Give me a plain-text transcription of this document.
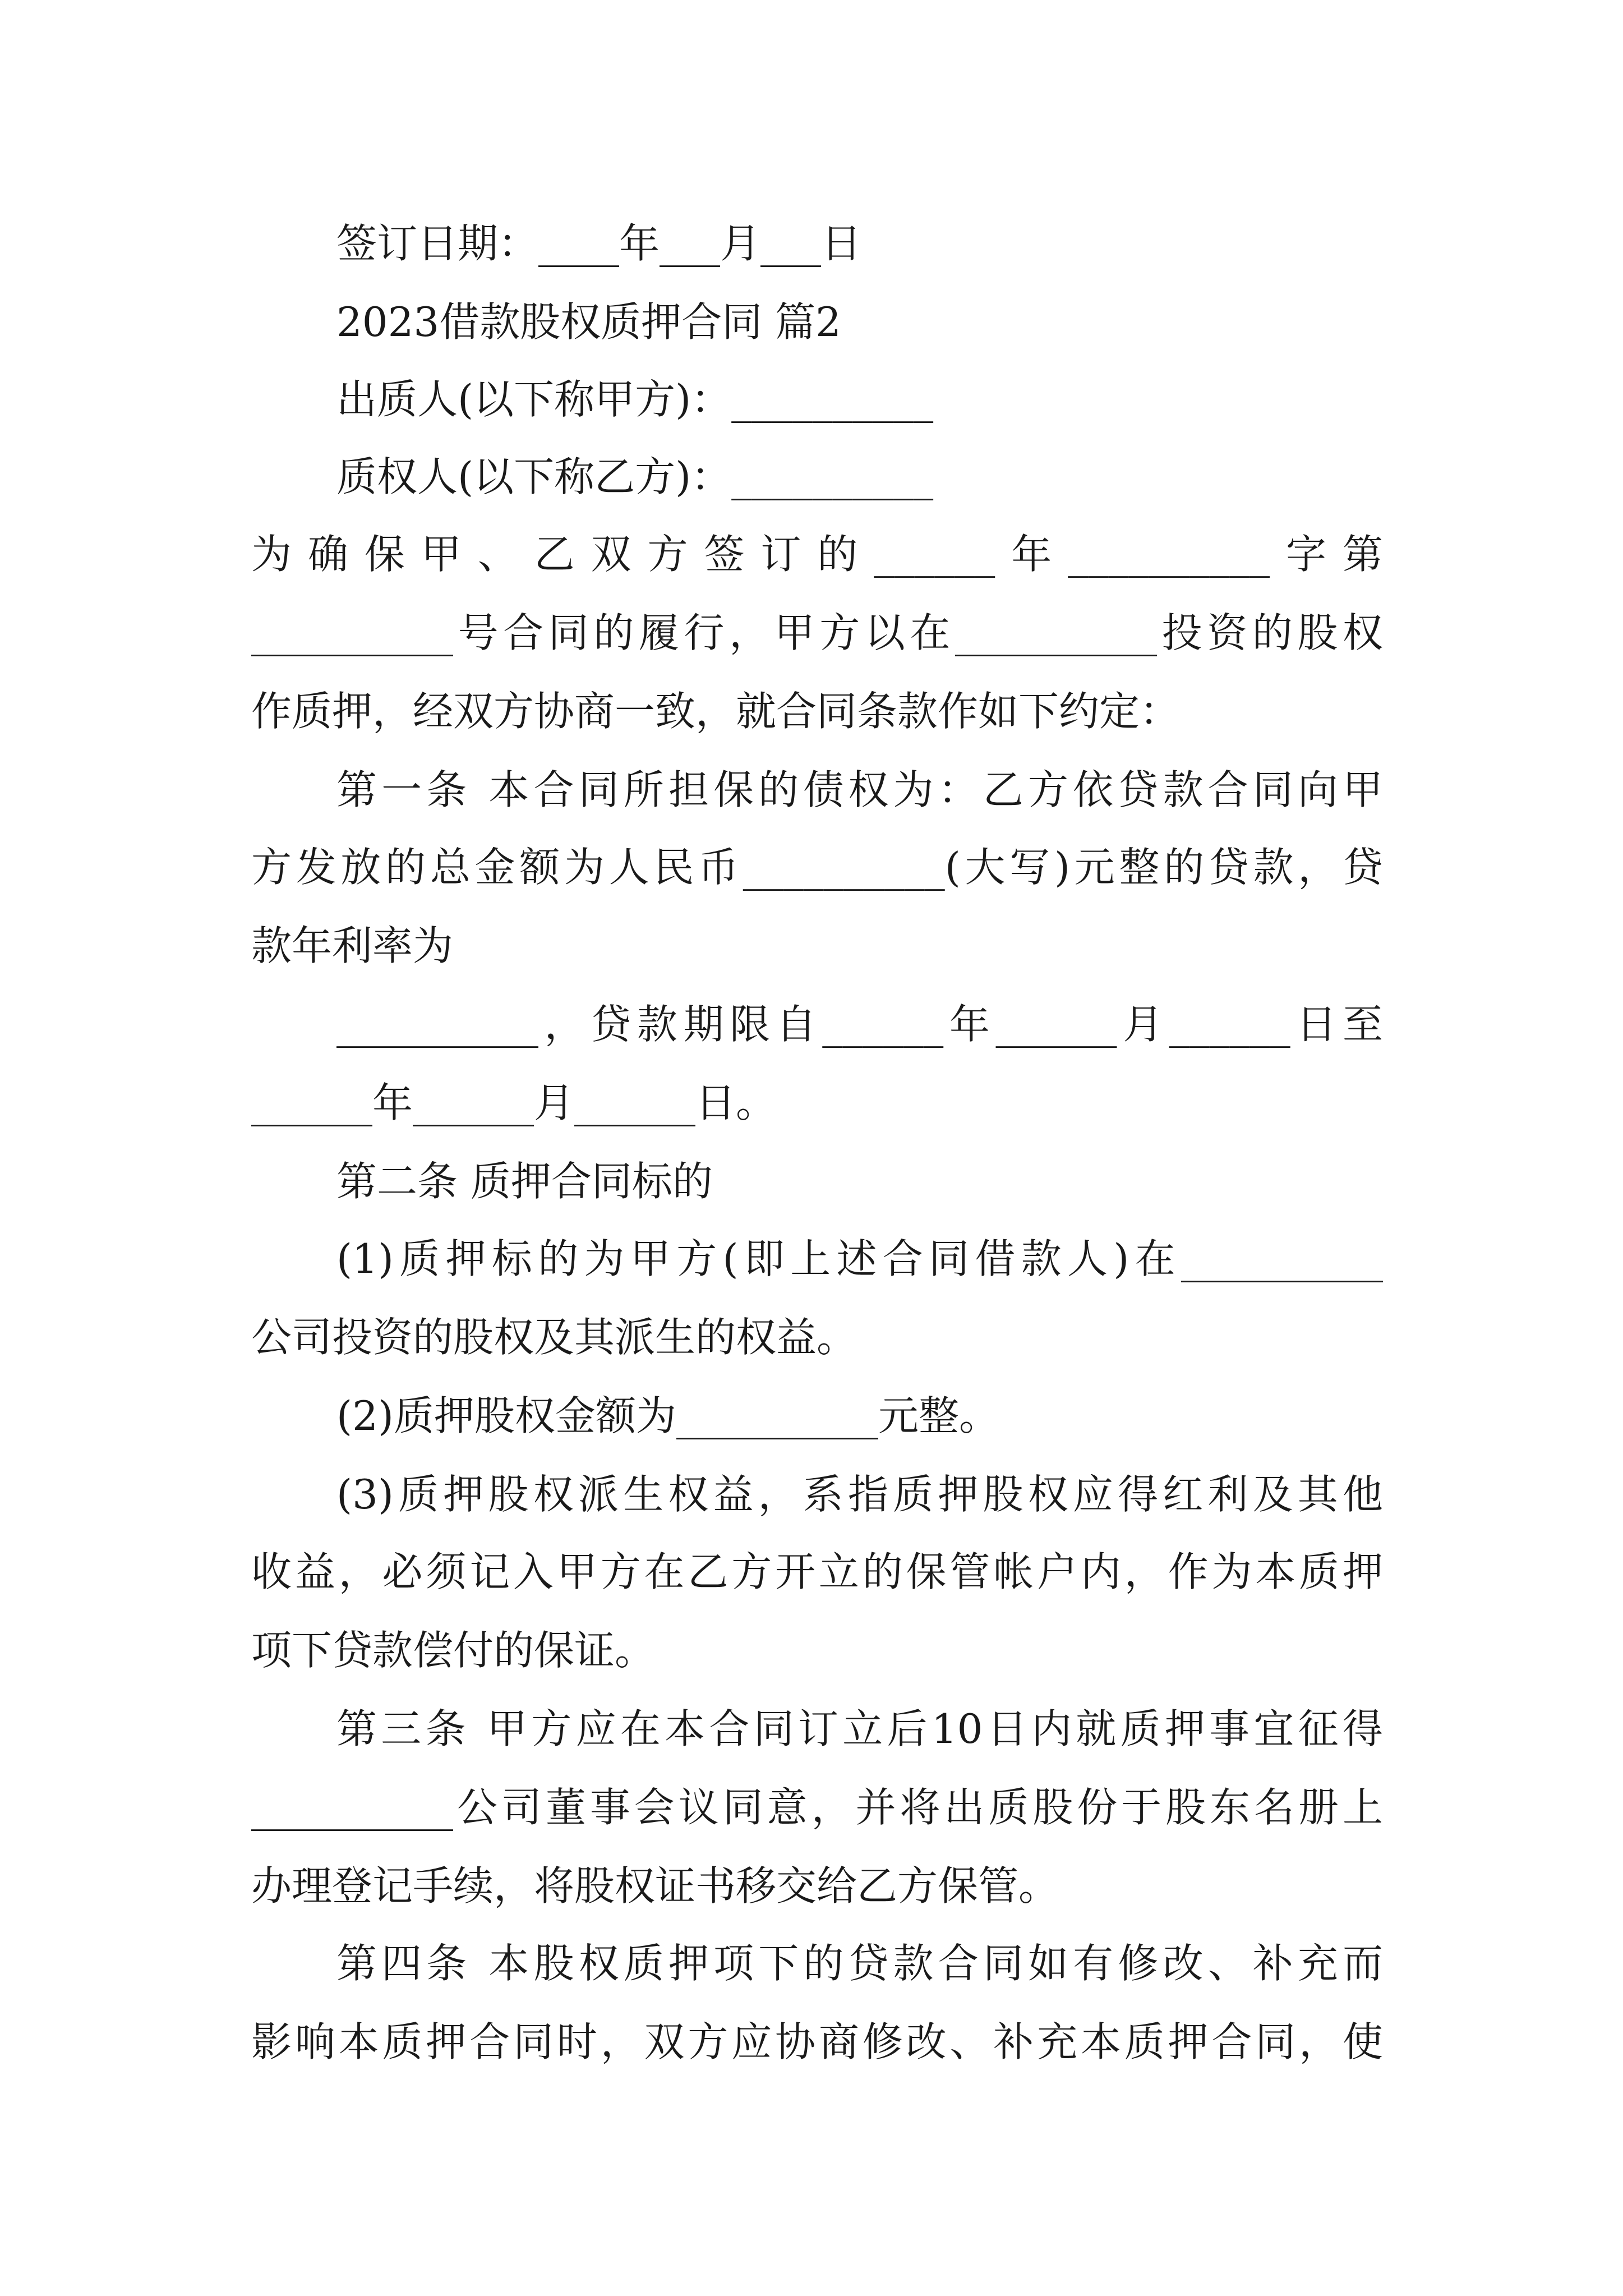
签订日期：____年___月___日
2023借款股权质押合同 篇2
出质人(以下称甲方)：__________
质权人(以下称乙方)：__________
为确保甲、乙双方签订的______年__________字第
__________号合同的履行，甲方以在__________投资的股权
作质押，经双方协商一致，就合同条款作如下约定：
第一条 本合同所担保的债权为：乙方依贷款合同向甲
方发放的总金额为人民币__________(大写)元整的贷款，贷
款年利率为
__________，贷款期限自______年______月______日至
______年______月______日。
第二条 质押合同标的
(1)质押标的为甲方(即上述合同借款人)在__________
公司投资的股权及其派生的权益。
(2)质押股权金额为__________元整。
(3)质押股权派生权益，系指质押股权应得红利及其他
收益，必须记入甲方在乙方开立的保管帐户内，作为本质押
项下贷款偿付的保证。
第三条 甲方应在本合同订立后10日内就质押事宜征得
__________公司董事会议同意，并将出质股份于股东名册上
办理登记手续，将股权证书移交给乙方保管。
第四条 本股权质押项下的贷款合同如有修改、补充而
影响本质押合同时，双方应协商修改、补充本质押合同，使
